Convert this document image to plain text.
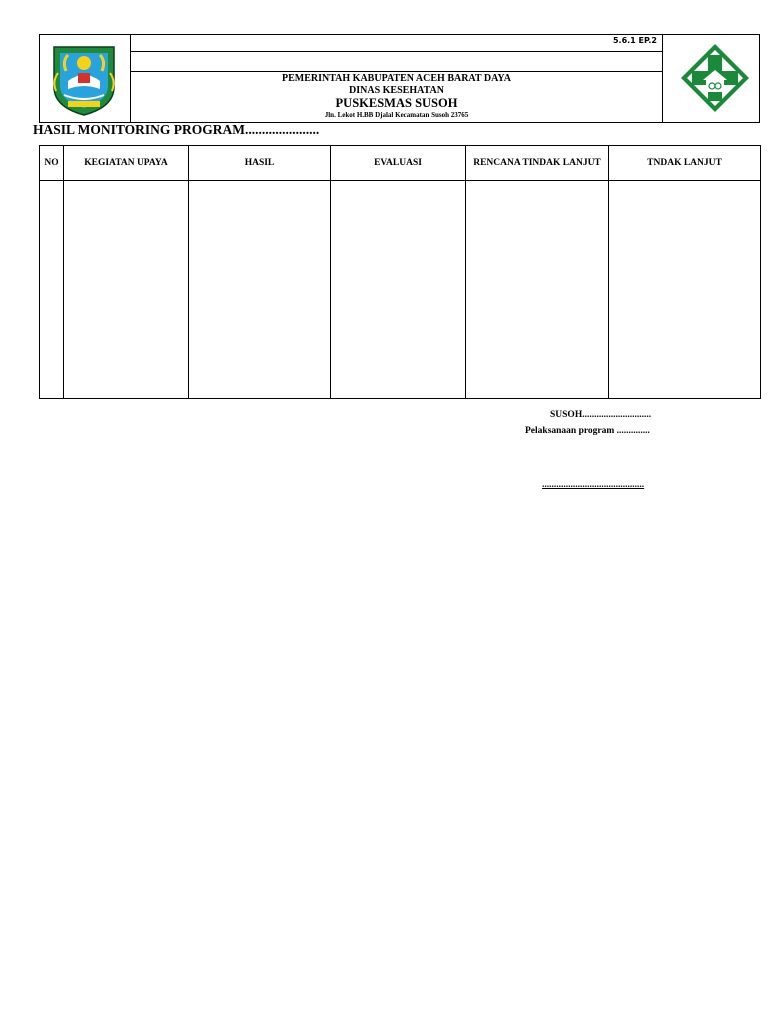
5.6.1 EP.2
PEMERINTAH KABUPATEN ACEH BARAT DAYA
DINAS KESEHATAN
PUSKESMAS SUSOH
Jln. Lekot H.BB Djalal Kecamatan Susoh 23765
HASIL MONITORING PROGRAM......................
NO	KEGIATAN UPAYA	HASIL	EVALUASI	RENCANA TINDAK LANJUT	TNDAK LANJUT

SUSOH.............................
Pelaksanaan program ..............
...........................................
